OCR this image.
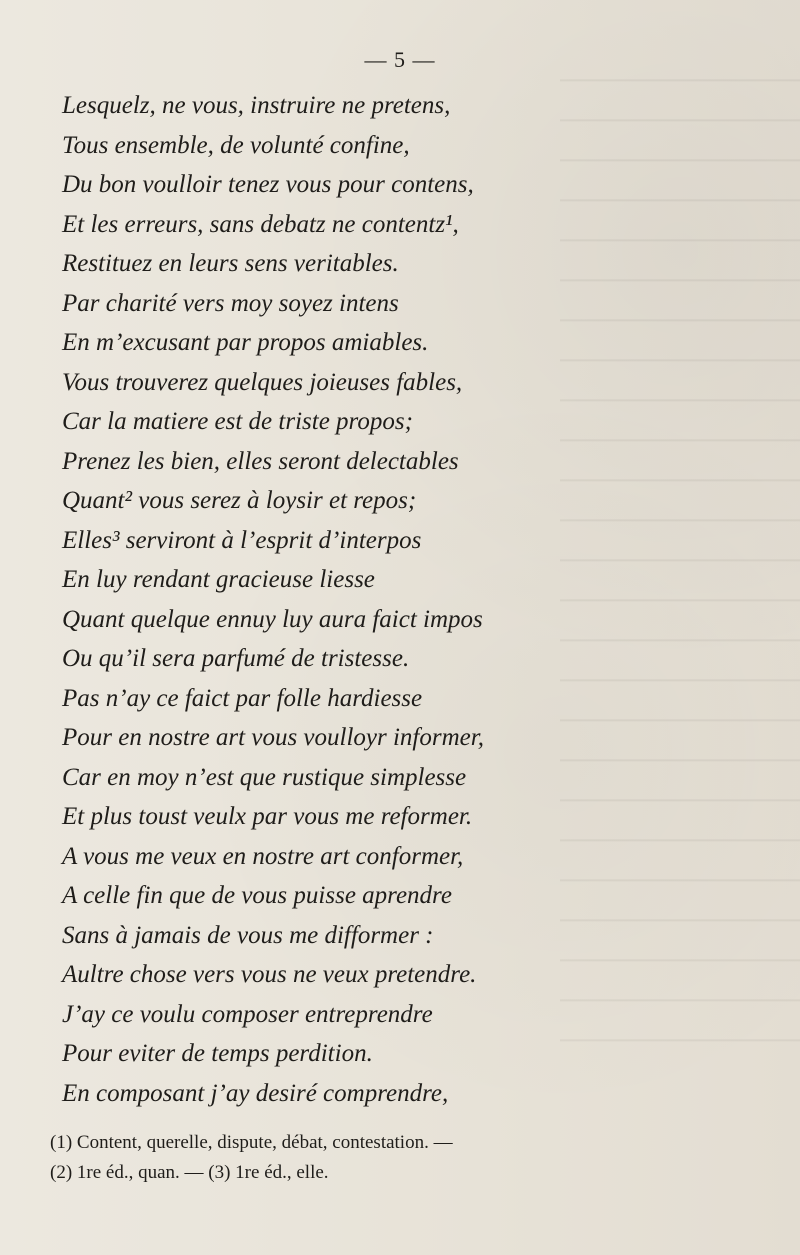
— 5 —
Lesquelz, ne vous, instruire ne pretens,
Tous ensemble, de volunté confine,
Du bon voulloir tenez vous pour contens,
Et les erreurs, sans debatz ne contentz¹,
Restituez en leurs sens veritables.
Par charité vers moy soyez intens
En m’excusant par propos amiables.
Vous trouverez quelques joieuses fables,
Car la matiere est de triste propos;
Prenez les bien, elles seront delectables
Quant² vous serez à loysir et repos;
Elles³ serviront à l’esprit d’interpos
En luy rendant gracieuse liesse
Quant quelque ennuy luy aura faict impos
Ou qu’il sera parfumé de tristesse.
Pas n’ay ce faict par folle hardiesse
Pour en nostre art vous voulloyr informer,
Car en moy n’est que rustique simplesse
Et plus toust veulx par vous me reformer.
A vous me veux en nostre art conformer,
A celle fin que de vous puisse aprendre
Sans à jamais de vous me difformer :
Aultre chose vers vous ne veux pretendre.
J’ay ce voulu composer entreprendre
Pour eviter de temps perdition.
En composant j’ay desiré comprendre,
(1) Content, querelle, dispute, débat, contestation. —
(2) 1re éd., quan. — (3) 1re éd., elle.
